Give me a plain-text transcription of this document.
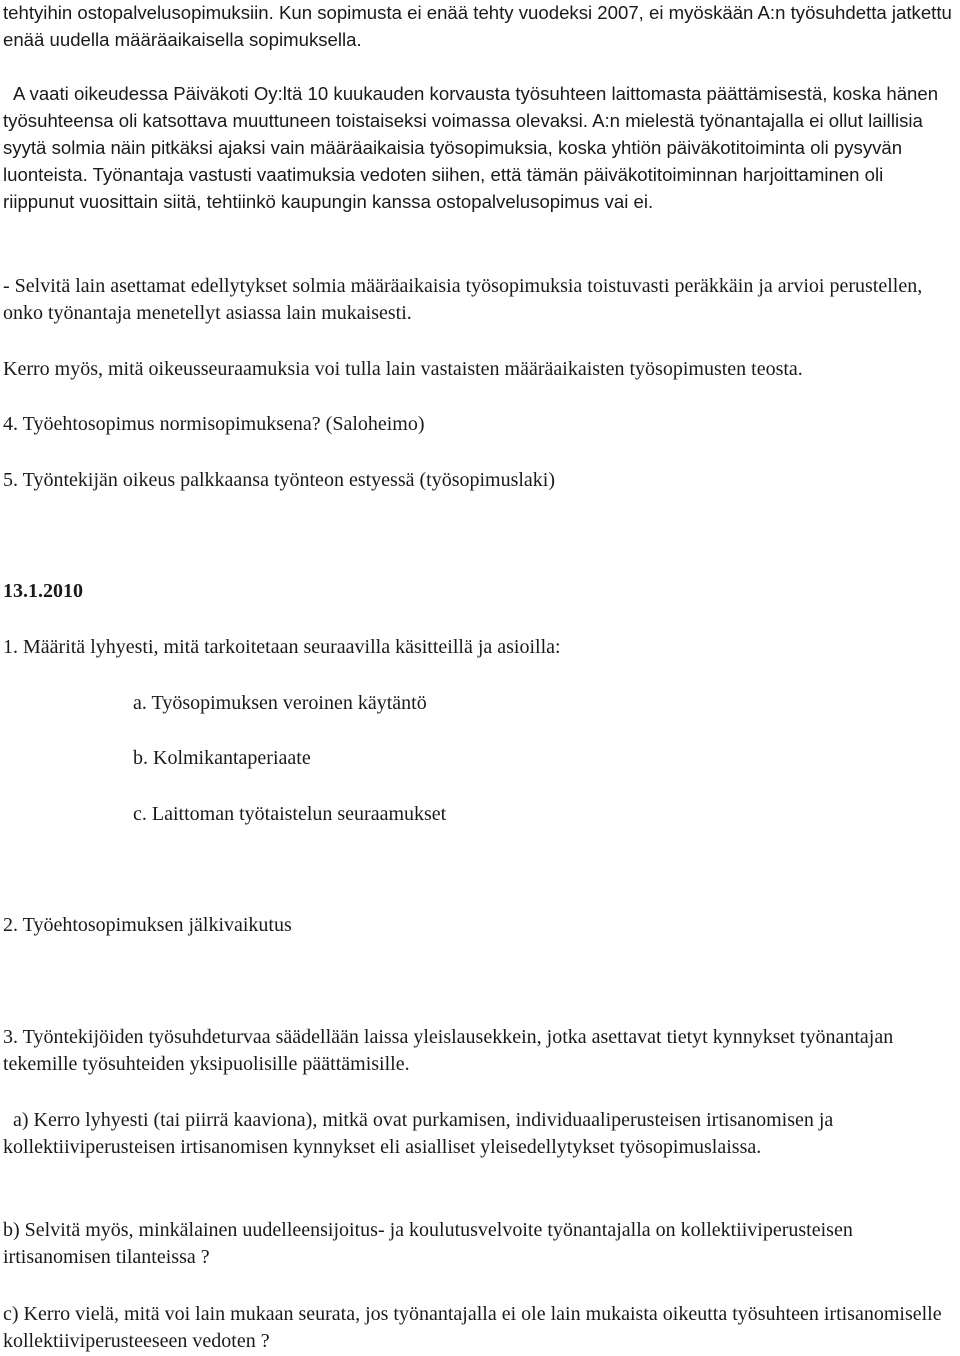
tehtyihin ostopalvelusopimuksiin. Kun sopimusta ei enää tehty vuodeksi 2007, ei myöskään A:n työsuhdetta jatkettu enää uudella määräaikaisella sopimuksella.

A vaati oikeudessa Päiväkoti Oy:ltä 10 kuukauden korvausta työsuhteen laittomasta päättämisestä, koska hänen työsuhteensa oli katsottava muuttuneen toistaiseksi voimassa olevaksi. A:n mielestä työnantajalla ei ollut laillisia syytä solmia näin pitkäksi ajaksi vain määräaikaisia työsopimuksia, koska yhtiön päiväkotitoiminta oli pysyvän luonteista. Työnantaja vastusti vaatimuksia vedoten siihen, että tämän päiväkotitoiminnan harjoittaminen oli riippunut vuosittain siitä, tehtiinkö kaupungin kanssa ostopalvelusopimus vai ei.

- Selvitä lain asettamat edellytykset solmia määräaikaisia työsopimuksia toistuvasti peräkkäin ja arvioi perustellen, onko työnantaja menetellyt asiassa lain mukaisesti.

Kerro myös, mitä oikeusseuraamuksia voi tulla lain vastaisten määräaikaisten työsopimusten teosta.

4. Työehtosopimus normisopimuksena? (Saloheimo)

5. Työntekijän oikeus palkkaansa työnteon estyessä (työsopimuslaki)

13.1.2010

1. Määritä lyhyesti, mitä tarkoitetaan seuraavilla käsitteillä ja asioilla:

a. Työsopimuksen veroinen käytäntö

b. Kolmikantaperiaate

c. Laittoman työtaistelun seuraamukset

2. Työehtosopimuksen jälkivaikutus

3. Työntekijöiden työsuhdeturvaa säädellään laissa yleislausekkein, jotka asettavat tietyt kynnykset työnantajan tekemille työsuhteiden yksipuolisille päättämisille.

a) Kerro lyhyesti (tai piirrä kaaviona), mitkä ovat purkamisen, individuaaliperusteisen irtisanomisen ja kollektiiviperusteisen irtisanomisen kynnykset eli asialliset yleisedellytykset työsopimuslaissa.

b) Selvitä myös, minkälainen uudelleensijoitus- ja koulutusvelvoite työnantajalla on kollektiiviperusteisen irtisanomisen tilanteissa ?

c) Kerro vielä, mitä voi lain mukaan seurata, jos työnantajalla ei ole lain mukaista oikeutta työsuhteen irtisanomiselle kollektiiviperusteeseen vedoten ?
